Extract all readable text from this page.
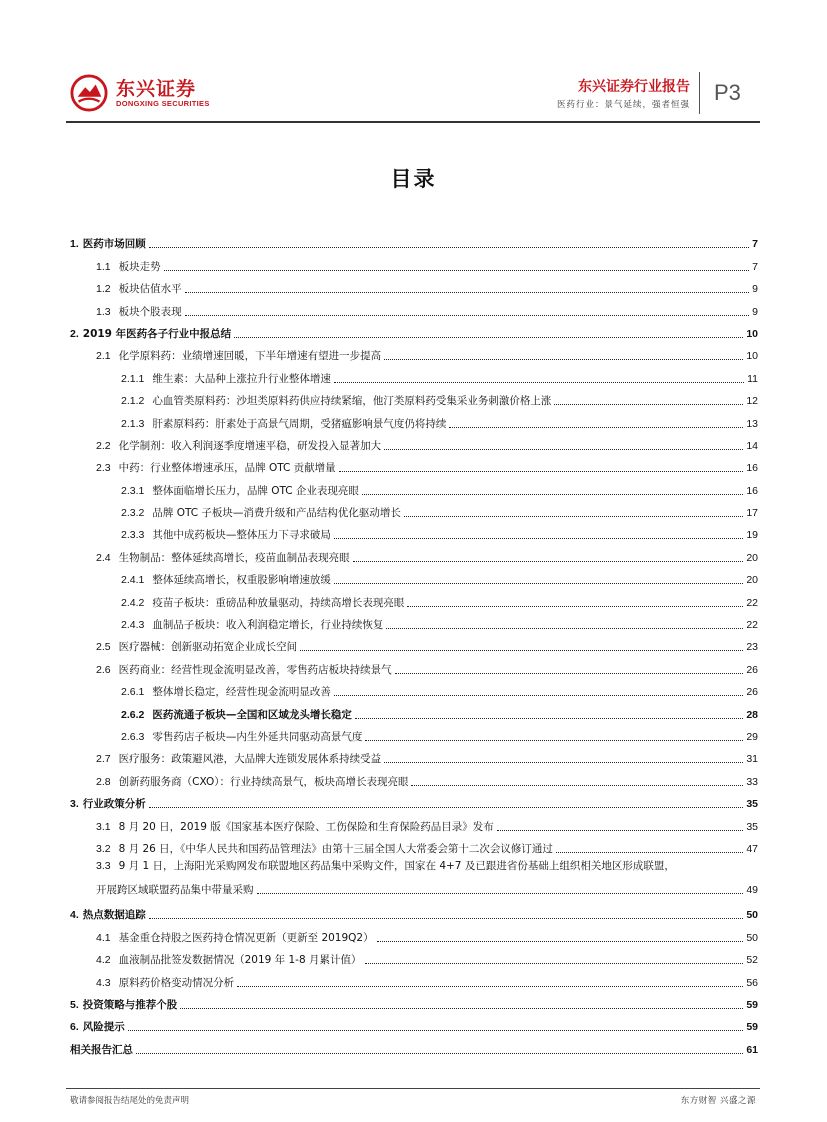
东兴证券
DONGXING SECURITIES
东兴证券行业报告
医药行业：景气延续，强者恒强 P3
目录
1. 医药市场回顾	7
1.1 板块走势	7
1.2 板块估值水平	9
1.3 板块个股表现	9
2. 2019 年医药各子行业中报总结	10
2.1 化学原料药：业绩增速回暖，下半年增速有望进一步提高	10
2.1.1 维生素：大品种上涨拉升行业整体增速	11
2.1.2 心血管类原料药：沙坦类原料药供应持续紧缩，他汀类原料药受集采业务刺激价格上涨	12
2.1.3 肝素原料药：肝素处于高景气周期，受猪瘟影响景气度仍将持续	13
2.2 化学制剂：收入利润逐季度增速平稳，研发投入显著加大	14
2.3 中药：行业整体增速承压，品牌 OTC 贡献增量	16
2.3.1 整体面临增长压力，品牌 OTC 企业表现亮眼	16
2.3.2 品牌 OTC 子板块—消费升级和产品结构优化驱动增长	17
2.3.3 其他中成药板块—整体压力下寻求破局	19
2.4 生物制品：整体延续高增长，疫苗血制品表现亮眼	20
2.4.1 整体延续高增长，权重股影响增速放缓	20
2.4.2 疫苗子板块：重磅品种放量驱动，持续高增长表现亮眼	22
2.4.3 血制品子板块：收入利润稳定增长，行业持续恢复	22
2.5 医疗器械：创新驱动拓宽企业成长空间	23
2.6 医药商业：经营性现金流明显改善，零售药店板块持续景气	26
2.6.1 整体增长稳定，经营性现金流明显改善	26
2.6.2 医药流通子板块—全国和区域龙头增长稳定	28
2.6.3 零售药店子板块—内生外延共同驱动高景气度	29
2.7 医疗服务：政策避风港，大品牌大连锁发展体系持续受益	31
2.8 创新药服务商（CXO）：行业持续高景气，板块高增长表现亮眼	33
3. 行业政策分析	35
3.1 8 月 20 日，2019 版《国家基本医疗保险、工伤保险和生育保险药品目录》发布	35
3.2 8 月 26 日，《中华人民共和国药品管理法》由第十三届全国人大常委会第十二次会议修订通过	47
3.3 9 月 1 日，上海阳光采购网发布联盟地区药品集中采购文件，国家在 4+7 及已跟进省份基础上组织相关地区形成联盟，
开展跨区域联盟药品集中带量采购	49
4. 热点数据追踪	50
4.1 基金重仓持股之医药持仓情况更新（更新至 2019Q2）	50
4.2 血液制品批签发数据情况（2019 年 1-8 月累计值）	52
4.3 原料药价格变动情况分析	56
5. 投资策略与推荐个股	59
6. 风险提示	59
相关报告汇总	61
敬请参阅报告结尾处的免责声明	东方财智 兴盛之源
